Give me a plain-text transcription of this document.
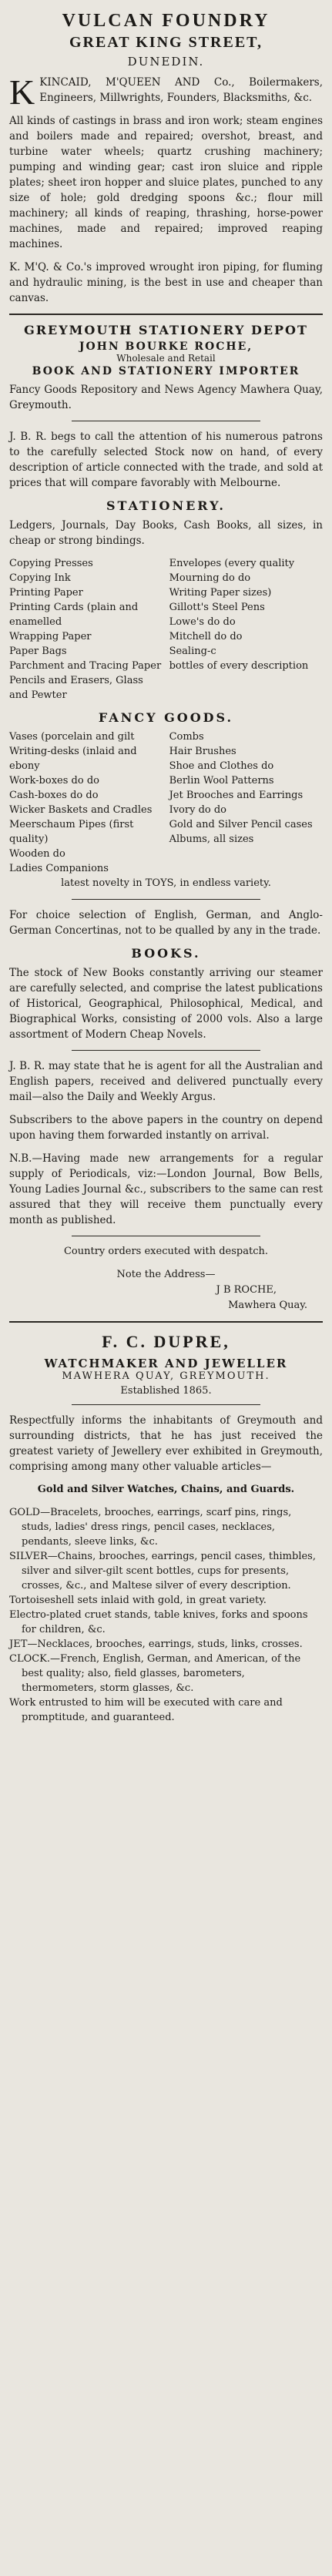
VULCAN FOUNDRY
GREAT KING STREET,
DUNEDIN.
K KINCAID, M'QUEEN AND Co., Boilermakers, Engineers, Millwrights, Founders, Blacksmiths, &c.
All kinds of castings in brass and iron work; steam engines and boilers made and repaired; overshot, breast, and turbine water wheels; quartz crushing machinery; pumping and winding gear; cast iron sluice and ripple plates; sheet iron hopper and sluice plates, punched to any size of hole; gold dredging spoons &c.; flour mill machinery; all kinds of reaping, thrashing, horse-power machines, made and repaired; improved reaping machines.
K. M'Q. & Co.'s improved wrought iron piping, for fluming and hydraulic mining, is the best in use and cheaper than canvas.
GREYMOUTH STATIONERY DEPOT
JOHN BOURKE ROCHE,
Wholesale and Retail
BOOK AND STATIONERY IMPORTER
Fancy Goods Repository and News Agency Mawhera Quay, Greymouth.
J. B. R. begs to call the attention of his numerous patrons to the carefully selected Stock now on hand, of every description of article connected with the trade, and sold at prices that will compare favorably with Melbourne.
STATIONERY.
Ledgers, Journals, Day Books, Cash Books, all sizes, in cheap or strong bindings.
Copying Presses
Copying Ink
Printing Paper
Printing Cards (plain and enamelled
Wrapping Paper
Paper Bags
Parchment and Tracing Paper
Pencils and Erasers, Glass and Pewter
Envelopes (every quality
Mourning do do
Writing Paper sizes)
Gillott's Steel Pens
Lowe's do do
Mitchell do do
Sealing-c
bottles of every description
FANCY GOODS.
Vases (porcelain and gilt
Writing-desks (inlaid and ebony
Work-boxes do do
Cash-boxes do do
Wicker Baskets and Cradles
Meerschaum Pipes (first quality)
Wooden do
Ladies Companions
Combs
Hair Brushes
Shoe and Clothes do
Berlin Wool Patterns
Jet Brooches and Earrings
Ivory do do
Gold and Silver Pencil cases
Albums, all sizes
latest novelty in TOYS, in endless variety.
For choice selection of English, German, and Anglo-German Concertinas, not to be qualled by any in the trade.
BOOKS.
The stock of New Books constantly arriving our steamer are carefully selected, and comprise the latest publications of Historical, Geographical, Philosophical, Medical, and Biographical Works, consisting of 2000 vols. Also a large assortment of Modern Cheap Novels.
J. B. R. may state that he is agent for all the Australian and English papers, received and delivered punctually every mail—also the Daily and Weekly Argus.
Subscribers to the above papers in the country on depend upon having them forwarded instantly on arrival.
N.B.—Having made new arrangements for a regular supply of Periodicals, viz:—London Journal, Bow Bells, Young Ladies Journal &c., subscribers to the same can rest assured that they will receive them punctually every month as published.
Country orders executed with despatch.
Note the Address—
J B ROCHE,
Mawhera Quay.
F. C. DUPRE,
WATCHMAKER AND JEWELLER
MAWHERA QUAY, GREYMOUTH.
Established 1865.
Respectfully informs the inhabitants of Greymouth and surrounding districts, that he has just received the greatest variety of Jewellery ever exhibited in Greymouth, comprising among many other valuable articles—
Gold and Silver Watches, Chains, and Guards.
GOLD—Bracelets, brooches, earrings, scarf pins, rings, studs, ladies' dress rings, pencil cases, necklaces, pendants, sleeve links, &c.
SILVER—Chains, brooches, earrings, pencil cases, thimbles, silver and silver-gilt scent bottles, cups for presents, crosses, &c., and Maltese silver of every description.
Tortoiseshell sets inlaid with gold, in great variety.
Electro-plated cruet stands, table knives, forks and spoons for children, &c.
JET—Necklaces, brooches, earrings, studs, links, crosses.
CLOCK.—French, English, German, and American, of the best quality; also, field glasses, barometers, thermometers, storm glasses, &c.
Work entrusted to him will be executed with care and promptitude, and guaranteed.
